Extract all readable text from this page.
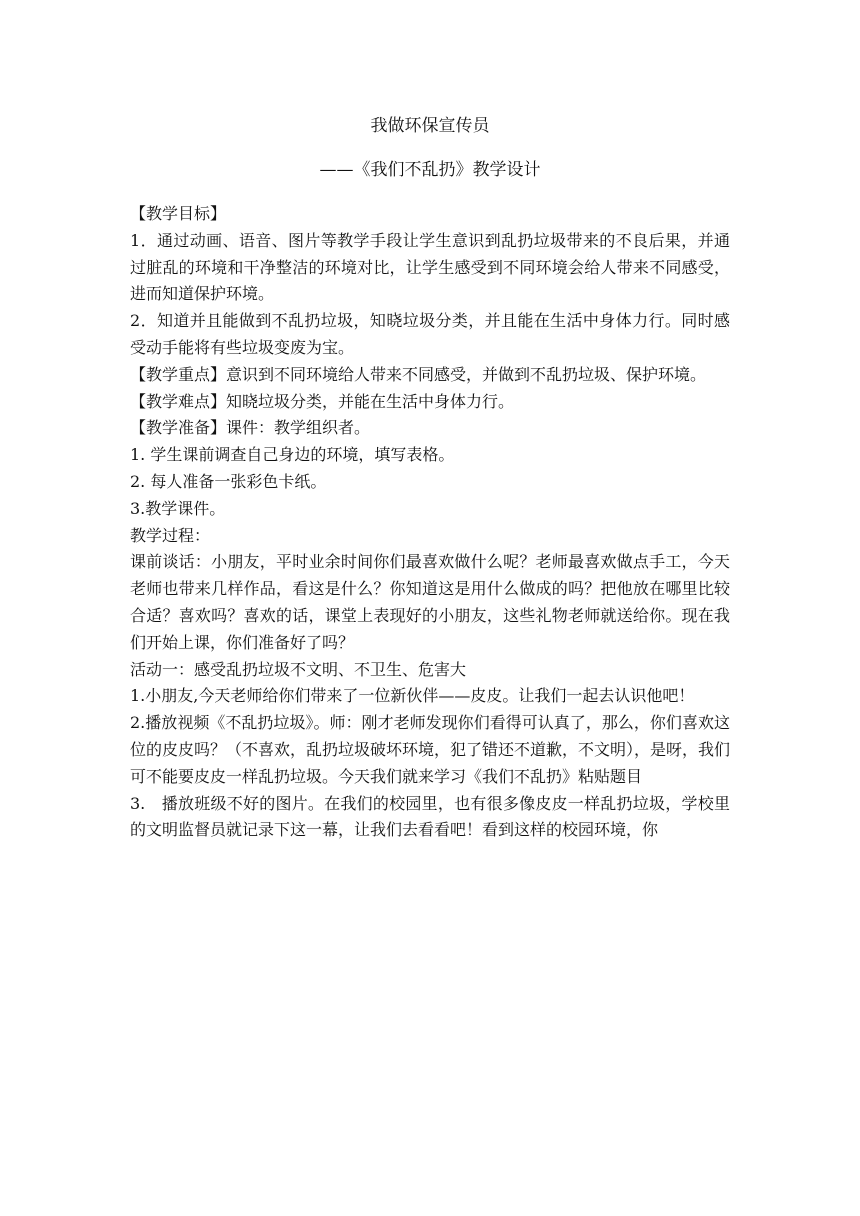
我做环保宣传员
——《我们不乱扔》教学设计

【教学目标】

1．通过动画、语音、图片等教学手段让学生意识到乱扔垃圾带来的不良后果，并通过脏乱的环境和干净整洁的环境对比，让学生感受到不同环境会给人带来不同感受，进而知道保护环境。

2．知道并且能做到不乱扔垃圾，知晓垃圾分类，并且能在生活中身体力行。同时感受动手能将有些垃圾变废为宝。

【教学重点】意识到不同环境给人带来不同感受，并做到不乱扔垃圾、保护环境。

【教学难点】知晓垃圾分类，并能在生活中身体力行。

【教学准备】课件：教学组织者。

1. 学生课前调查自己身边的环境，填写表格。

2. 每人准备一张彩色卡纸。

3.教学课件。

教学过程：

课前谈话：小朋友，平时业余时间你们最喜欢做什么呢？老师最喜欢做点手工，今天老师也带来几样作品，看这是什么？你知道这是用什么做成的吗？把他放在哪里比较合适？喜欢吗？喜欢的话，课堂上表现好的小朋友，这些礼物老师就送给你。现在我们开始上课，你们准备好了吗？

活动一：感受乱扔垃圾不文明、不卫生、危害大

1.小朋友,今天老师给你们带来了一位新伙伴——皮皮。让我们一起去认识他吧！

2.播放视频《不乱扔垃圾》。师：刚才老师发现你们看得可认真了，那么，你们喜欢这位的皮皮吗？（不喜欢，乱扔垃圾破坏环境，犯了错还不道歉，不文明），是呀，我们可不能要皮皮一样乱扔垃圾。今天我们就来学习《我们不乱扔》粘贴题目

3.　播放班级不好的图片。在我们的校园里，也有很多像皮皮一样乱扔垃圾，学校里的文明监督员就记录下这一幕，让我们去看看吧！看到这样的校园环境，你
